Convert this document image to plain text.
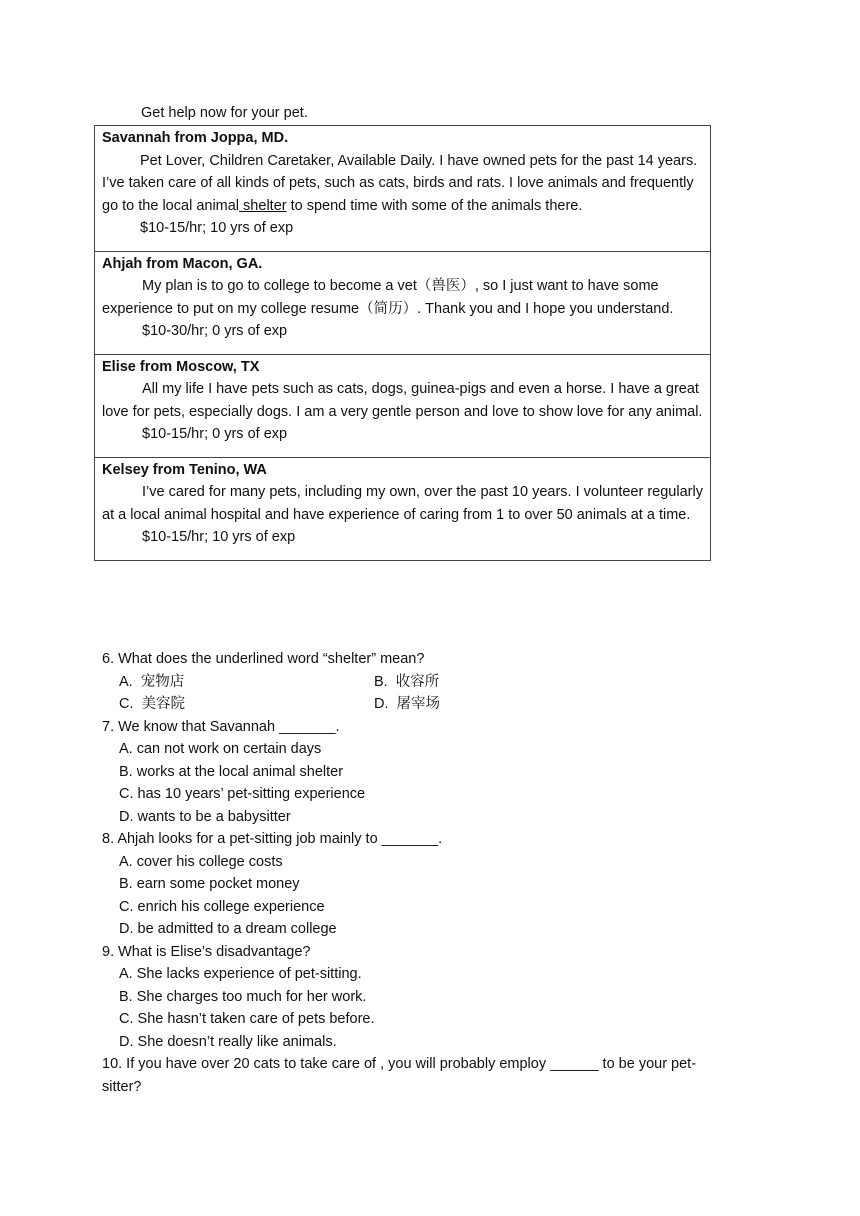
Get help now for your pet.
Savannah from Joppa, MD.
Pet Lover, Children Caretaker, Available Daily. I have owned pets for the past 14 years. I’ve taken care of all kinds of pets, such as cats, birds and rats. I love animals and frequently go to the local animal shelter to spend time with some of the animals there.
$10-15/hr; 10 yrs of exp

Ahjah from Macon, GA.
My plan is to go to college to become a vet（兽医）, so I just want to have some experience to put on my college resume（简历）. Thank you and I hope you understand.
$10-30/hr; 0 yrs of exp

Elise from Moscow, TX
All my life I have pets such as cats, dogs, guinea-pigs and even a horse. I have a great love for pets, especially dogs. I am a very gentle person and love to show love for any animal.
$10-15/hr; 0 yrs of exp

Kelsey from Tenino, WA
I’ve cared for many pets, including my own, over the past 10 years. I volunteer regularly at a local animal hospital and have experience of caring from 1 to over 50 animals at a time.
$10-15/hr; 10 yrs of exp

6. What does the underlined word “shelter” mean?

A. 宠物店	B. 收容所
C. 美容院	D. 屠宰场

7. We know that Savannah _______.

A. can not work on certain days

B. works at the local animal shelter

C. has 10 years’ pet-sitting experience

D. wants to be a babysitter

8. Ahjah looks for a pet-sitting job mainly to _______.

A. cover his college costs

B. earn some pocket money

C. enrich his college experience

D. be admitted to a dream college

9. What is Elise’s disadvantage?

A. She lacks experience of pet-sitting.

B. She charges too much for her work.

C. She hasn’t taken care of pets before.

D. She doesn’t really like animals.

10. If you have over 20 cats to take care of , you will probably employ ______ to be your pet-sitter?
